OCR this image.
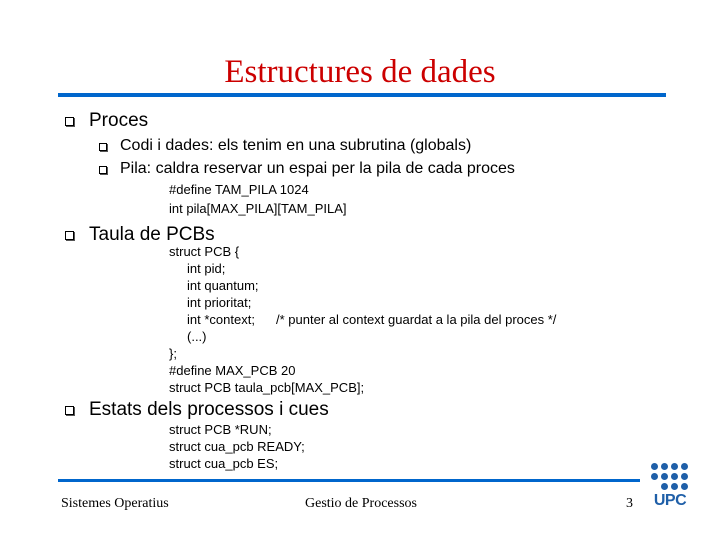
Estructures de dades
Proces
Codi i dades: els tenim en una subrutina (globals)
Pila: caldra reservar un espai per la pila de cada proces
#define TAM_PILA 1024
int pila[MAX_PILA][TAM_PILA]
Taula de PCBs
struct PCB {
int pid;
int quantum;
int prioritat;
int *context; /* punter al context guardat a la pila del proces */
(...)
};
#define MAX_PCB 20
struct PCB taula_pcb[MAX_PCB];
Estats dels processos i cues
struct PCB *RUN;
struct cua_pcb READY;
struct cua_pcb ES;
Sistemes Operatius	Gestio de Processos	3 UPC
